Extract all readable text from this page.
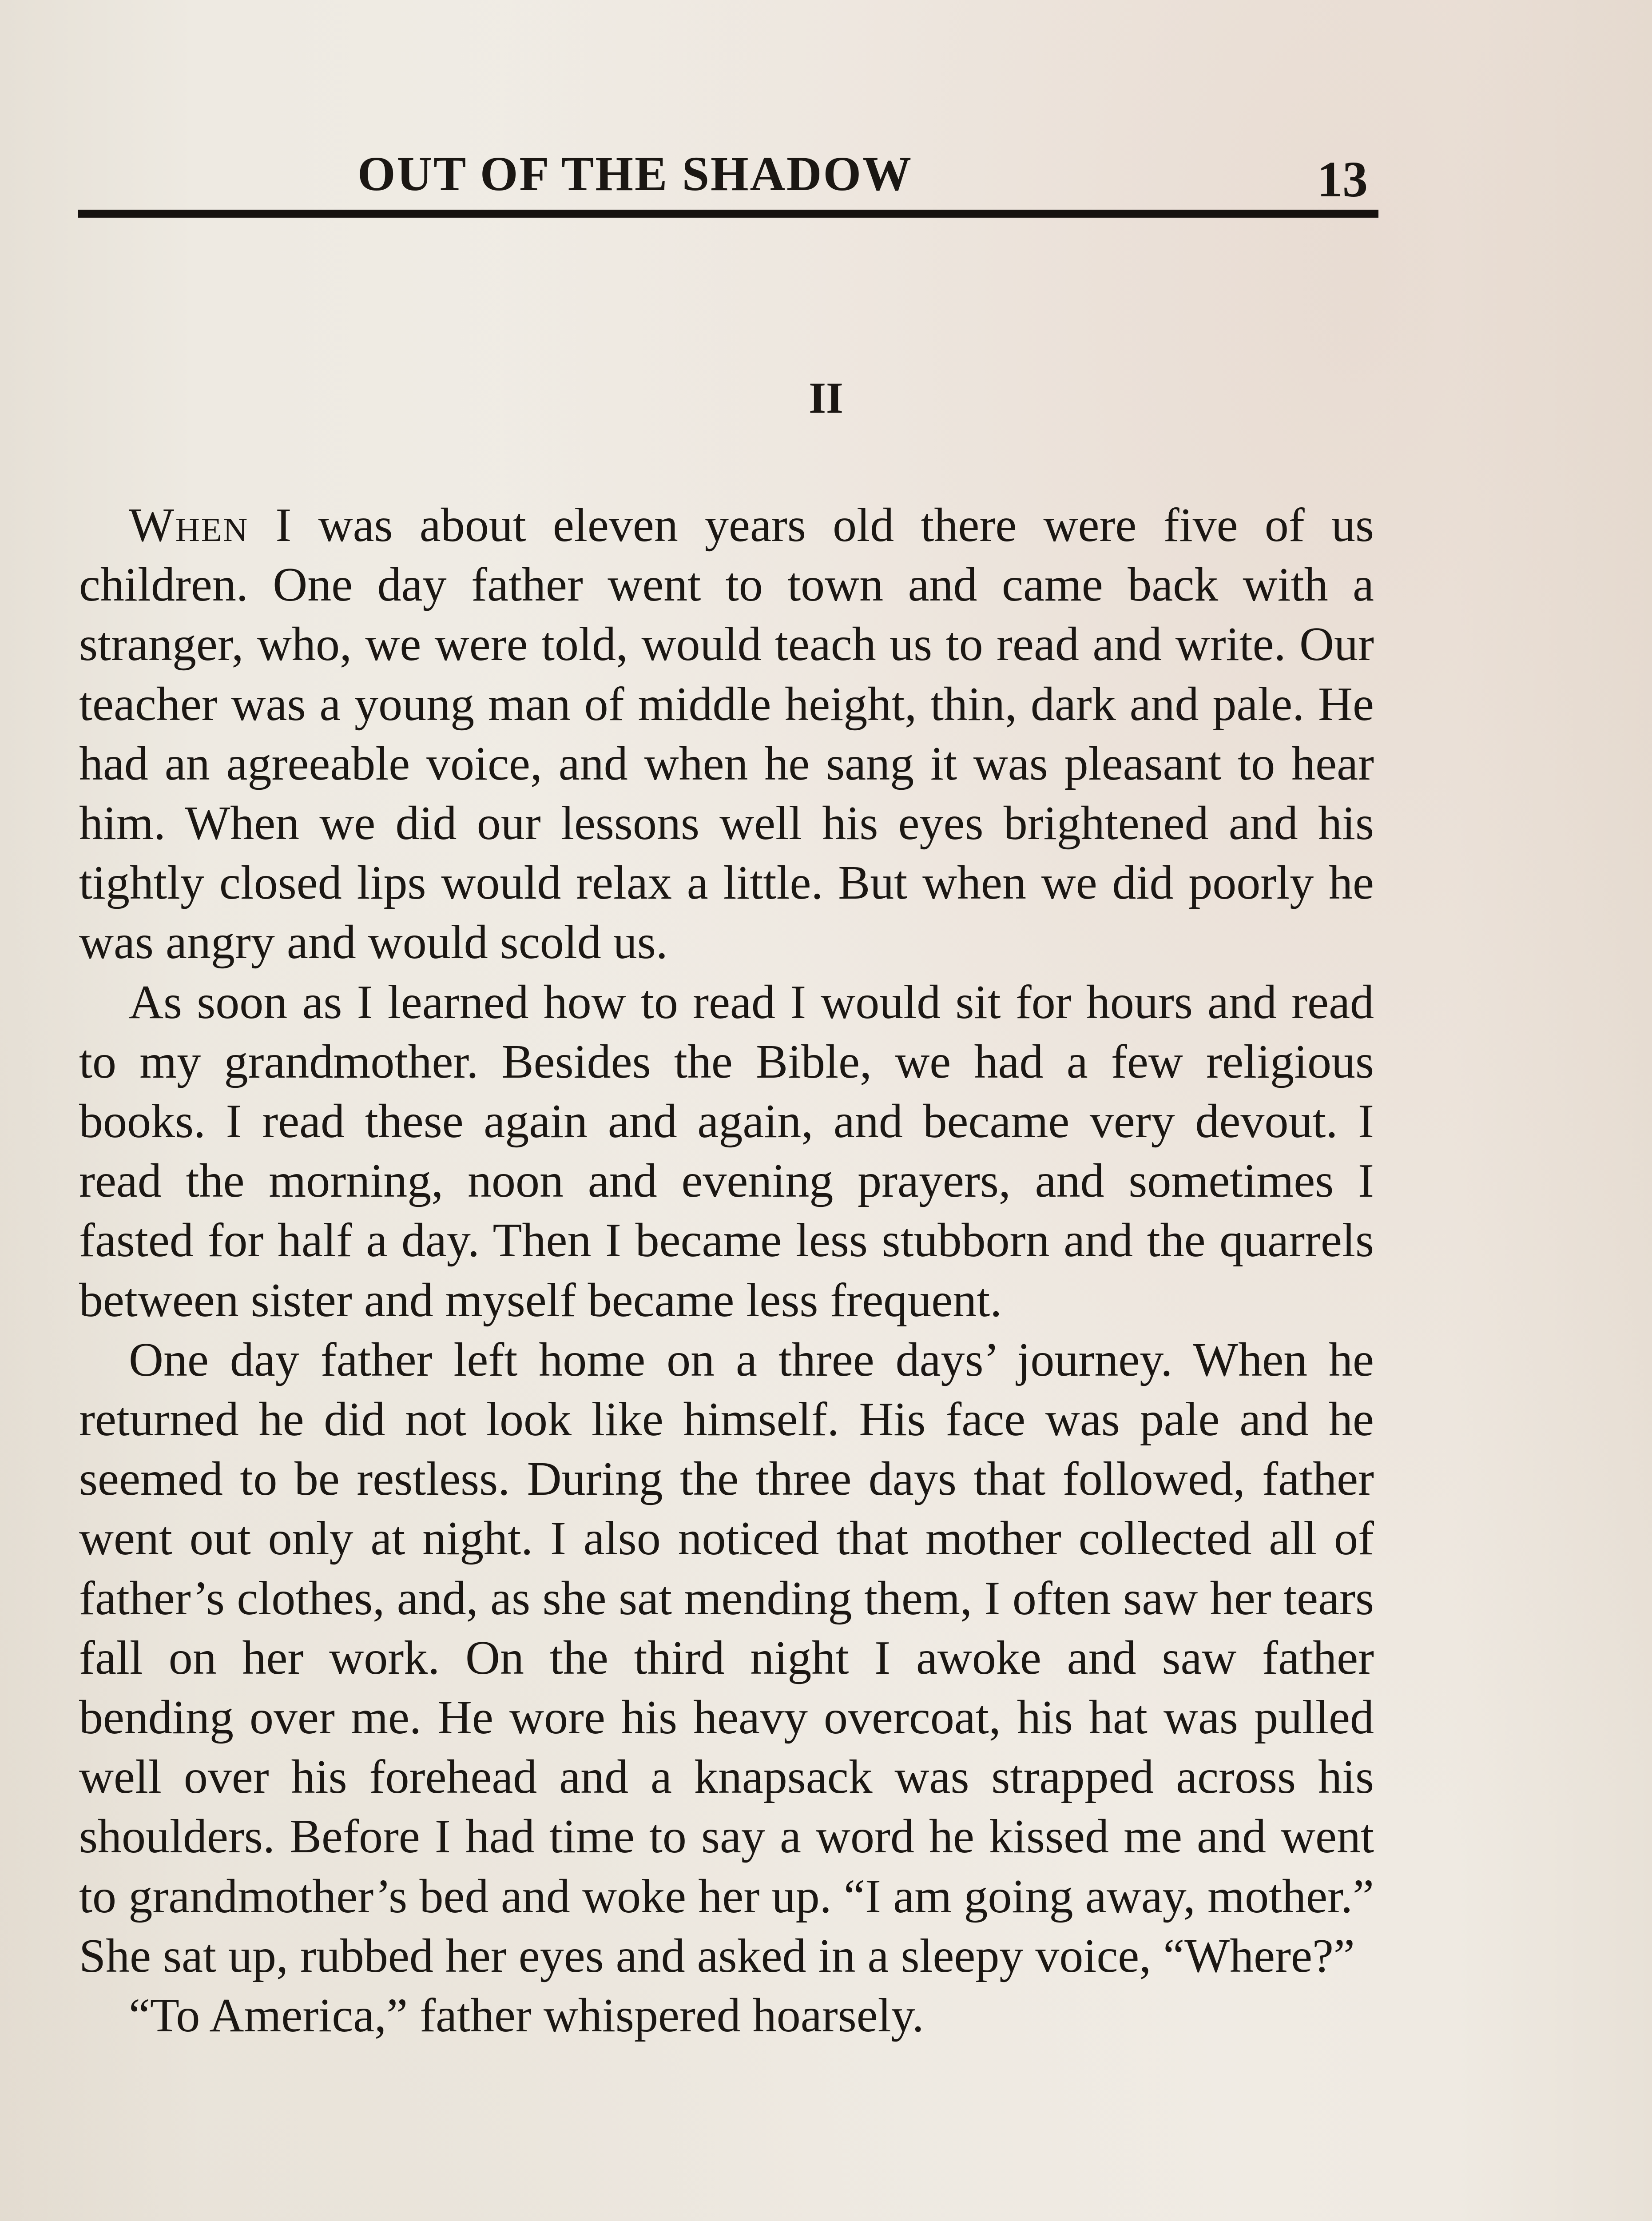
OUT OF THE SHADOW	13
II

When I was about eleven years old there were five of us children. One day father went to town and came back with a stranger, who, we were told, would teach us to read and write. Our teacher was a young man of middle height, thin, dark and pale. He had an agreeable voice, and when he sang it was pleasant to hear him. When we did our lessons well his eyes brightened and his tightly closed lips would relax a little. But when we did poorly he was angry and would scold us.

As soon as I learned how to read I would sit for hours and read to my grandmother. Besides the Bible, we had a few religious books. I read these again and again, and became very devout. I read the morning, noon and evening prayers, and sometimes I fasted for half a day. Then I became less stubborn and the quarrels between sister and myself became less frequent.

One day father left home on a three days’ journey. When he returned he did not look like himself. His face was pale and he seemed to be restless. During the three days that followed, father went out only at night. I also noticed that mother collected all of father’s clothes, and, as she sat mending them, I often saw her tears fall on her work. On the third night I awoke and saw father bending over me. He wore his heavy overcoat, his hat was pulled well over his forehead and a knapsack was strapped across his shoulders. Before I had time to say a word he kissed me and went to grandmother’s bed and woke her up. “I am going away, mother.” She sat up, rubbed her eyes and asked in a sleepy voice, “Where?”

“To America,” father whispered hoarsely.
